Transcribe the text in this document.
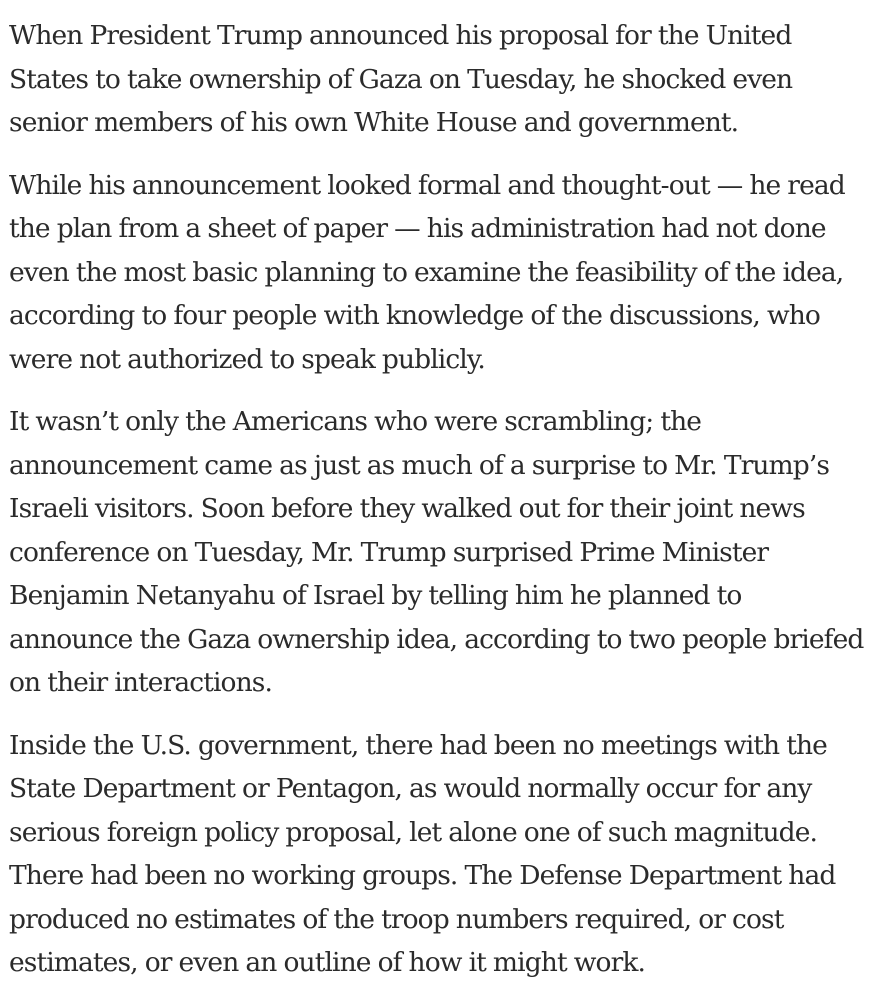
When President Trump announced his proposal for the United States to take ownership of Gaza on Tuesday, he shocked even senior members of his own White House and government.

While his announcement looked formal and thought-out — he read the plan from a sheet of paper — his administration had not done even the most basic planning to examine the feasibility of the idea, according to four people with knowledge of the discussions, who were not authorized to speak publicly.

It wasn’t only the Americans who were scrambling; the announcement came as just as much of a surprise to Mr. Trump’s Israeli visitors. Soon before they walked out for their joint news conference on Tuesday, Mr. Trump surprised Prime Minister Benjamin Netanyahu of Israel by telling him he planned to announce the Gaza ownership idea, according to two people briefed on their interactions.

Inside the U.S. government, there had been no meetings with the State Department or Pentagon, as would normally occur for any serious foreign policy proposal, let alone one of such magnitude. There had been no working groups. The Defense Department had produced no estimates of the troop numbers required, or cost estimates, or even an outline of how it might work.
